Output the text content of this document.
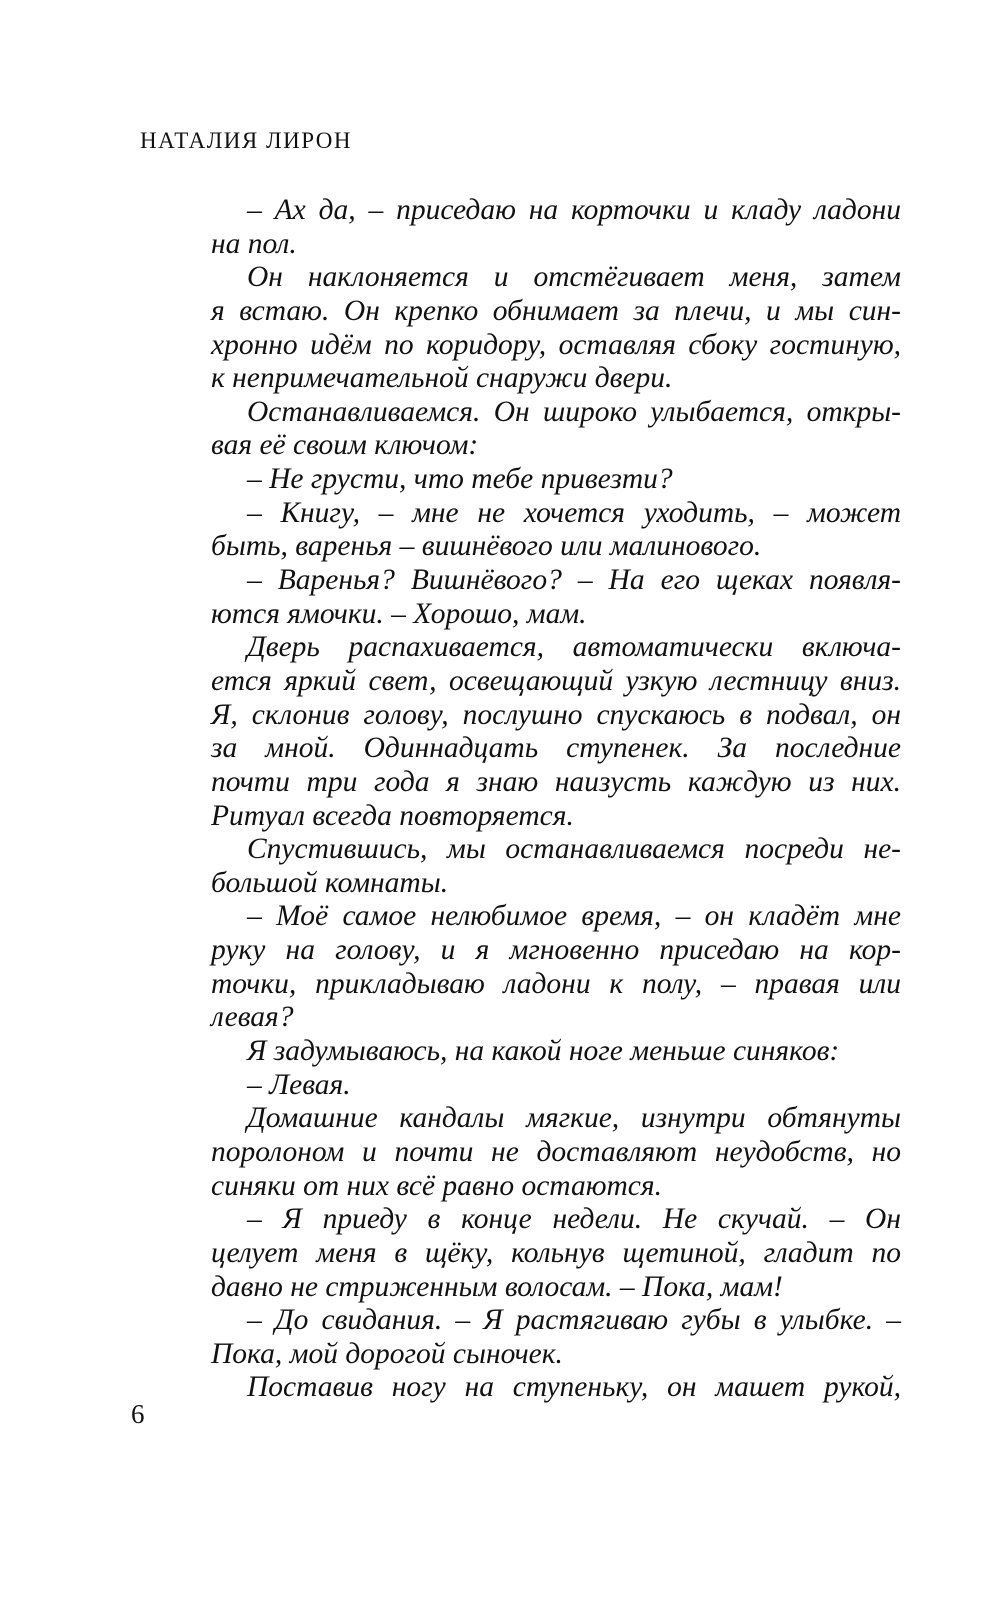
НАТАЛИЯ ЛИРОН
– Ах да, – приседаю на корточки и кладу ладони
на пол.
Он наклоняется и отстёгивает меня, затем
я встаю. Он крепко обнимает за плечи, и мы син-
хронно идём по коридору, оставляя сбоку гостиную,
к непримечательной снаружи двери.
Останавливаемся. Он широко улыбается, откры-
вая её своим ключом:
– Не грусти, что тебе привезти?
– Книгу, – мне не хочется уходить, – может
быть, варенья – вишнёвого или малинового.
– Варенья? Вишнёвого? – На его щеках появля-
ются ямочки. – Хорошо, мам.
Дверь распахивается, автоматически включа-
ется яркий свет, освещающий узкую лестницу вниз.
Я, склонив голову, послушно спускаюсь в подвал, он
за мной. Одиннадцать ступенек. За последние
почти три года я знаю наизусть каждую из них.
Ритуал всегда повторяется.
Спустившись, мы останавливаемся посреди не-
большой комнаты.
– Моё самое нелюбимое время, – он кладёт мне
руку на голову, и я мгновенно приседаю на кор-
точки, прикладываю ладони к полу, – правая или
левая?
Я задумываюсь, на какой ноге меньше синяков:
– Левая.
Домашние кандалы мягкие, изнутри обтянуты
поролоном и почти не доставляют неудобств, но
синяки от них всё равно остаются.
– Я приеду в конце недели. Не скучай. – Он
целует меня в щёку, кольнув щетиной, гладит по
давно не стриженным волосам. – Пока, мам!
– До свидания. – Я растягиваю губы в улыбке. –
Пока, мой дорогой сыночек.
Поставив ногу на ступеньку, он машет рукой,
6
